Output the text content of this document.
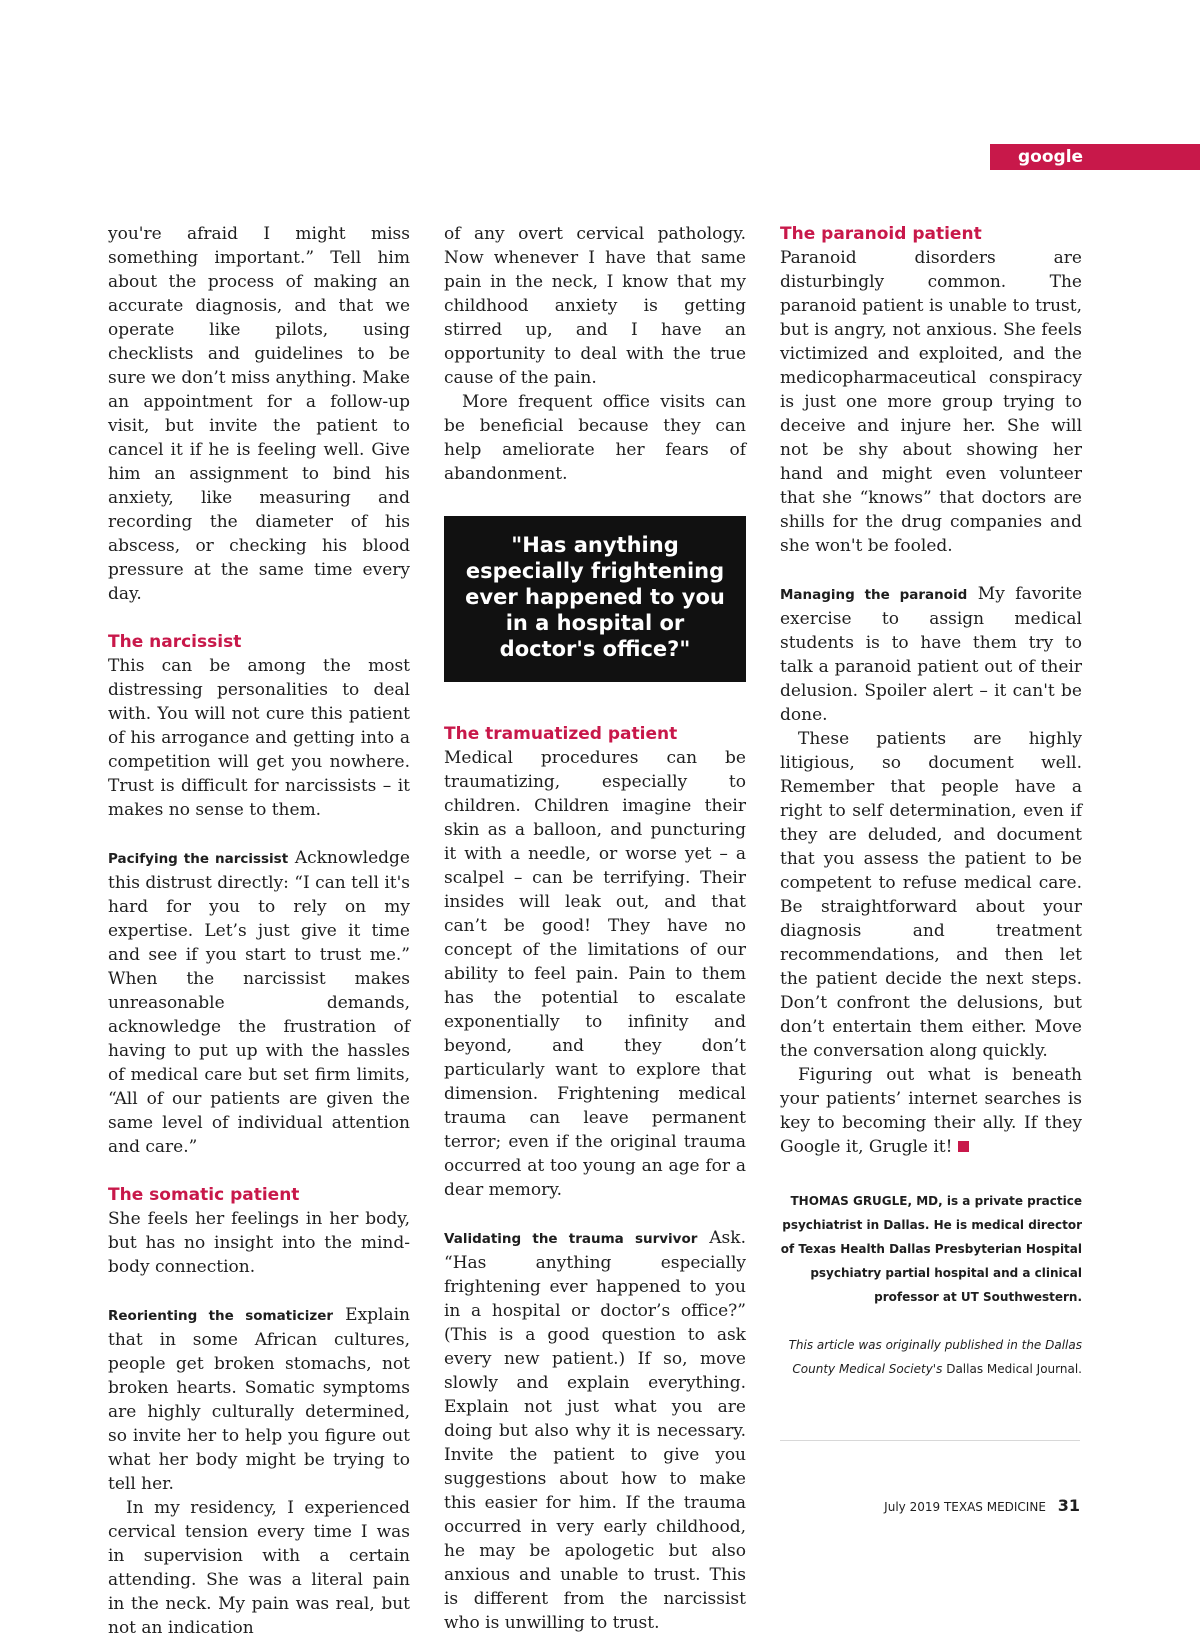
google

you're afraid I might miss something important.” Tell him about the process of making an accurate diagnosis, and that we operate like pilots, using checklists and guidelines to be sure we don’t miss anything. Make an appointment for a follow-up visit, but invite the patient to cancel it if he is feeling well. Give him an assignment to bind his anxiety, like measuring and recording the diameter of his abscess, or checking his blood pressure at the same time every day.

The narcissist

This can be among the most distressing personalities to deal with. You will not cure this patient of his arrogance and getting into a competition will get you nowhere. Trust is difficult for narcissists – it makes no sense to them.

Pacifying the narcissist Acknowledge this distrust directly: “I can tell it's hard for you to rely on my expertise. Let’s just give it time and see if you start to trust me.” When the narcissist makes unreasonable demands, acknowledge the frustration of having to put up with the hassles of medical care but set firm limits, “All of our patients are given the same level of individual attention and care.”

The somatic patient

She feels her feelings in her body, but has no insight into the mind-body connection.

Reorienting the somaticizer Explain that in some African cultures, people get broken stomachs, not broken hearts. Somatic symptoms are highly culturally determined, so invite her to help you figure out what her body might be trying to tell her.

In my residency, I experienced cervical tension every time I was in supervision with a certain attending. She was a literal pain in the neck. My pain was real, but not an indication

of any overt cervical pathology. Now whenever I have that same pain in the neck, I know that my childhood anxiety is getting stirred up, and I have an opportunity to deal with the true cause of the pain.

More frequent office visits can be beneficial because they can help ameliorate her fears of abandonment.

"Has anything especially frightening ever happened to you in a hospital or doctor's office?"

The tramuatized patient

Medical procedures can be traumatizing, especially to children. Children imagine their skin as a balloon, and puncturing it with a needle, or worse yet – a scalpel – can be terrifying. Their insides will leak out, and that can’t be good! They have no concept of the limitations of our ability to feel pain. Pain to them has the potential to escalate exponentially to infinity and beyond, and they don’t particularly want to explore that dimension. Frightening medical trauma can leave permanent terror; even if the original trauma occurred at too young an age for a dear memory.

Validating the trauma survivor Ask. “Has anything especially frightening ever happened to you in a hospital or doctor’s office?” (This is a good question to ask every new patient.) If so, move slowly and explain everything. Explain not just what you are doing but also why it is necessary. Invite the patient to give you suggestions about how to make this easier for him. If the trauma occurred in very early childhood, he may be apologetic but also anxious and unable to trust. This is different from the narcissist who is unwilling to trust.

The paranoid patient

Paranoid disorders are disturbingly common. The paranoid patient is unable to trust, but is angry, not anxious. She feels victimized and exploited, and the medicopharmaceutical conspiracy is just one more group trying to deceive and injure her. She will not be shy about showing her hand and might even volunteer that she “knows” that doctors are shills for the drug companies and she won't be fooled.

Managing the paranoid My favorite exercise to assign medical students is to have them try to talk a paranoid patient out of their delusion. Spoiler alert – it can't be done.

These patients are highly litigious, so document well. Remember that people have a right to self determination, even if they are deluded, and document that you assess the patient to be competent to refuse medical care. Be straightforward about your diagnosis and treatment recommendations, and then let the patient decide the next steps. Don’t confront the delusions, but don’t entertain them either. Move the conversation along quickly.

Figuring out what is beneath your patients’ internet searches is key to becoming their ally. If they Google it, Grugle it!

THOMAS GRUGLE, MD, is a private practice psychiatrist in Dallas. He is medical director of Texas Health Dallas Presbyterian Hospital psychiatry partial hospital and a clinical professor at UT Southwestern.
This article was originally published in the Dallas County Medical Society's Dallas Medical Journal.
July 2019 TEXAS MEDICINE 31
